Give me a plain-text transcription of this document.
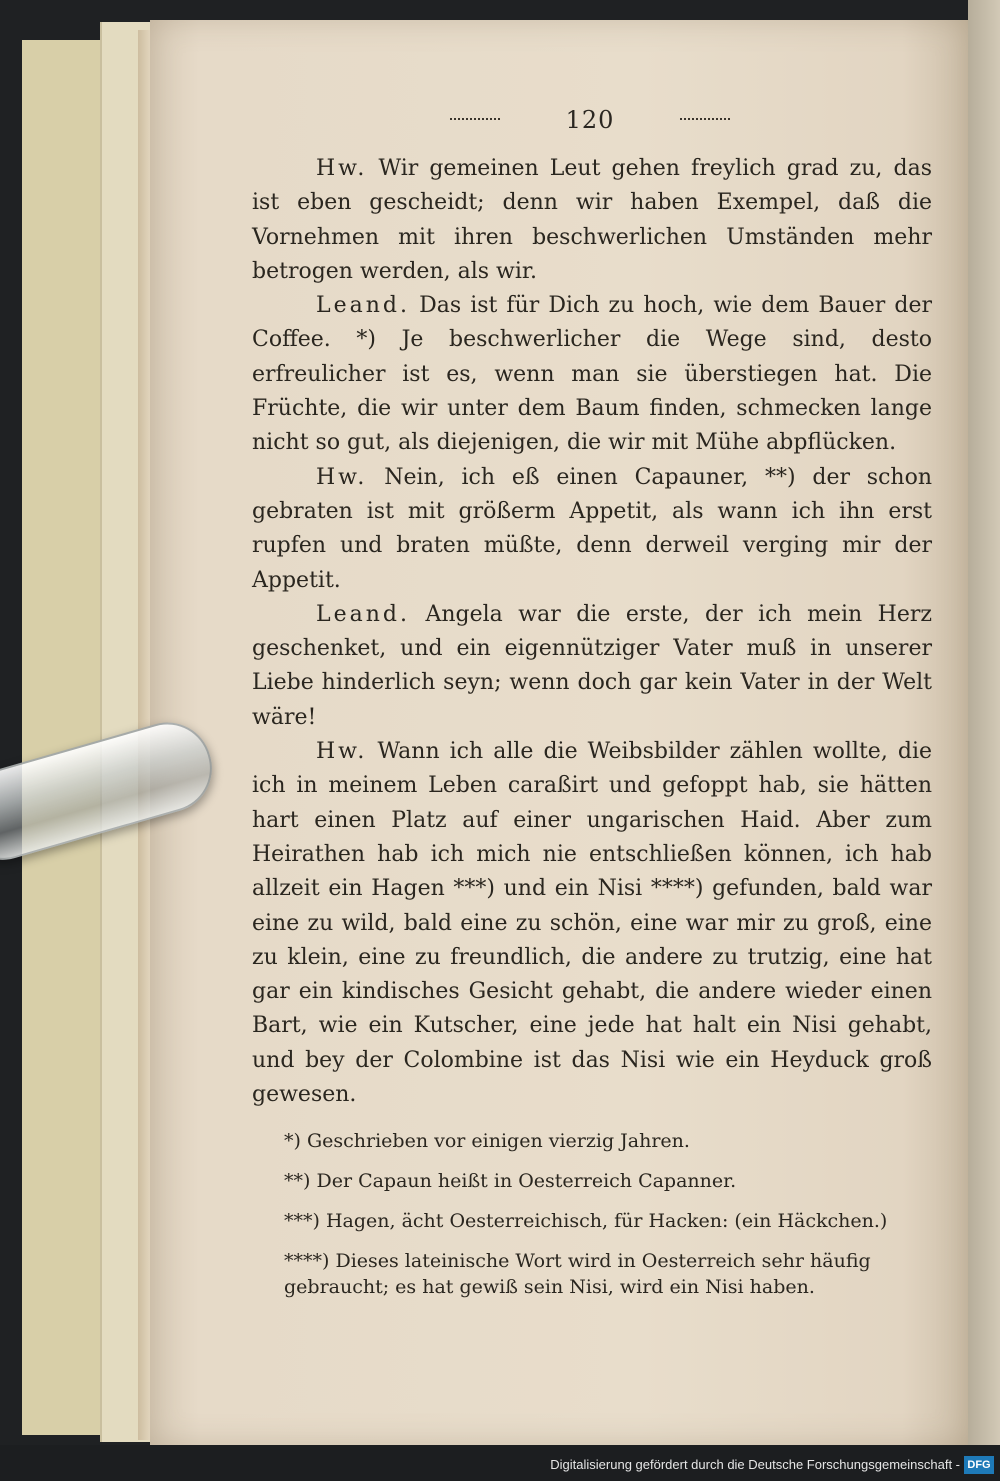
120

Hw. Wir gemeinen Leut gehen freylich grad zu, das ist eben gescheidt; denn wir haben Exempel, daß die Vornehmen mit ihren beschwerlichen Umständen mehr betrogen werden, als wir.

Leand. Das ist für Dich zu hoch, wie dem Bauer der Coffee. *) Je beschwerlicher die Wege sind, desto erfreulicher ist es, wenn man sie überstiegen hat. Die Früchte, die wir unter dem Baum finden, schmecken lange nicht so gut, als diejenigen, die wir mit Mühe abpflücken.

Hw. Nein, ich eß einen Capauner, **) der schon gebraten ist mit größerm Appetit, als wann ich ihn erst rupfen und braten müßte, denn derweil verging mir der Appetit.

Leand. Angela war die erste, der ich mein Herz geschenket, und ein eigennütziger Vater muß in unserer Liebe hinderlich seyn; wenn doch gar kein Vater in der Welt wäre!

Hw. Wann ich alle die Weibsbilder zählen wollte, die ich in meinem Leben caraßirt und gefoppt hab, sie hätten hart einen Platz auf einer ungarischen Haid. Aber zum Heirathen hab ich mich nie entschließen können, ich hab allzeit ein Hagen ***) und ein Nisi ****) gefunden, bald war eine zu wild, bald eine zu schön, eine war mir zu groß, eine zu klein, eine zu freundlich, die andere zu trutzig, eine hat gar ein kindisches Gesicht gehabt, die andere wieder einen Bart, wie ein Kutscher, eine jede hat halt ein Nisi gehabt, und bey der Colombine ist das Nisi wie ein Heyduck groß gewesen.

*) Geschrieben vor einigen vierzig Jahren.
**) Der Capaun heißt in Oesterreich Capanner.
***) Hagen, ächt Oesterreichisch, für Hacken: (ein Häckchen.)
****) Dieses lateinische Wort wird in Oesterreich sehr häufig gebraucht; es hat gewiß sein Nisi, wird ein Nisi haben.
Digitalisierung gefördert durch die Deutsche Forschungsgemeinschaft - DFG
